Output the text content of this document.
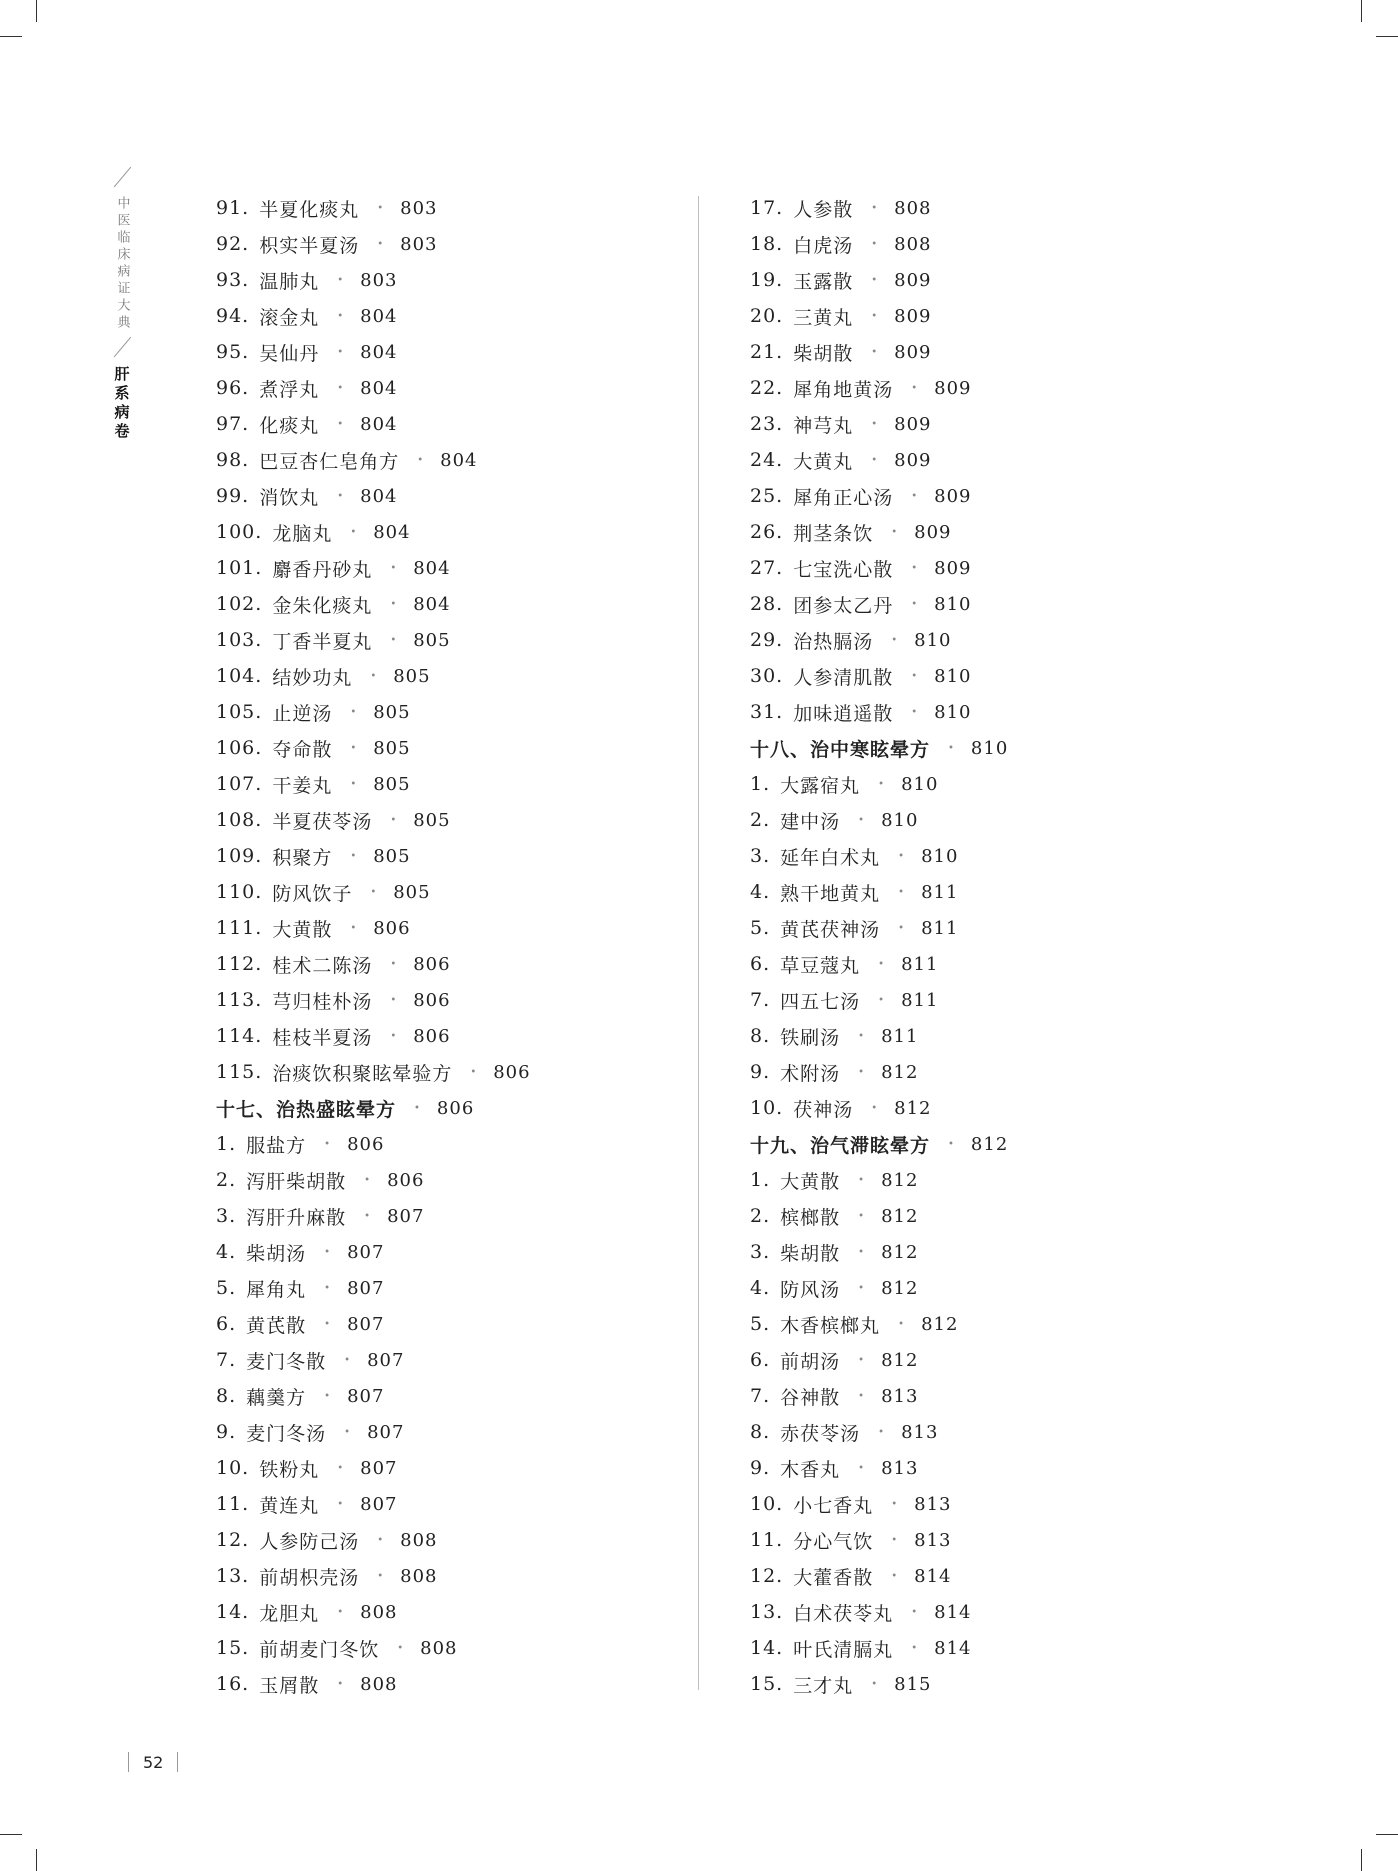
中医临床病证大典
肝系病卷
91. 半夏化痰丸 • 803
92. 枳实半夏汤 • 803
93. 温肺丸 • 803
94. 滚金丸 • 804
95. 吴仙丹 • 804
96. 煮浮丸 • 804
97. 化痰丸 • 804
98. 巴豆杏仁皂角方 • 804
99. 消饮丸 • 804
100. 龙脑丸 • 804
101. 麝香丹砂丸 • 804
102. 金朱化痰丸 • 804
103. 丁香半夏丸 • 805
104. 结妙功丸 • 805
105. 止逆汤 • 805
106. 夺命散 • 805
107. 干姜丸 • 805
108. 半夏茯苓汤 • 805
109. 积聚方 • 805
110. 防风饮子 • 805
111. 大黄散 • 806
112. 桂术二陈汤 • 806
113. 芎归桂朴汤 • 806
114. 桂枝半夏汤 • 806
115. 治痰饮积聚眩晕验方 • 806
十七、治热盛眩晕方 • 806
1. 服盐方 • 806
2. 泻肝柴胡散 • 806
3. 泻肝升麻散 • 807
4. 柴胡汤 • 807
5. 犀角丸 • 807
6. 黄芪散 • 807
7. 麦门冬散 • 807
8. 藕羹方 • 807
9. 麦门冬汤 • 807
10. 铁粉丸 • 807
11. 黄连丸 • 807
12. 人参防己汤 • 808
13. 前胡枳壳汤 • 808
14. 龙胆丸 • 808
15. 前胡麦门冬饮 • 808
16. 玉屑散 • 808
17. 人参散 • 808
18. 白虎汤 • 808
19. 玉露散 • 809
20. 三黄丸 • 809
21. 柴胡散 • 809
22. 犀角地黄汤 • 809
23. 神芎丸 • 809
24. 大黄丸 • 809
25. 犀角正心汤 • 809
26. 荆茎条饮 • 809
27. 七宝洗心散 • 809
28. 团参太乙丹 • 810
29. 治热膈汤 • 810
30. 人参清肌散 • 810
31. 加味逍遥散 • 810
十八、治中寒眩晕方 • 810
1. 大露宿丸 • 810
2. 建中汤 • 810
3. 延年白术丸 • 810
4. 熟干地黄丸 • 811
5. 黄芪茯神汤 • 811
6. 草豆蔻丸 • 811
7. 四五七汤 • 811
8. 铁刷汤 • 811
9. 术附汤 • 812
10. 茯神汤 • 812
十九、治气滞眩晕方 • 812
1. 大黄散 • 812
2. 槟榔散 • 812
3. 柴胡散 • 812
4. 防风汤 • 812
5. 木香槟榔丸 • 812
6. 前胡汤 • 812
7. 谷神散 • 813
8. 赤茯苓汤 • 813
9. 木香丸 • 813
10. 小七香丸 • 813
11. 分心气饮 • 813
12. 大藿香散 • 814
13. 白术茯苓丸 • 814
14. 叶氏清膈丸 • 814
15. 三才丸 • 815
52
